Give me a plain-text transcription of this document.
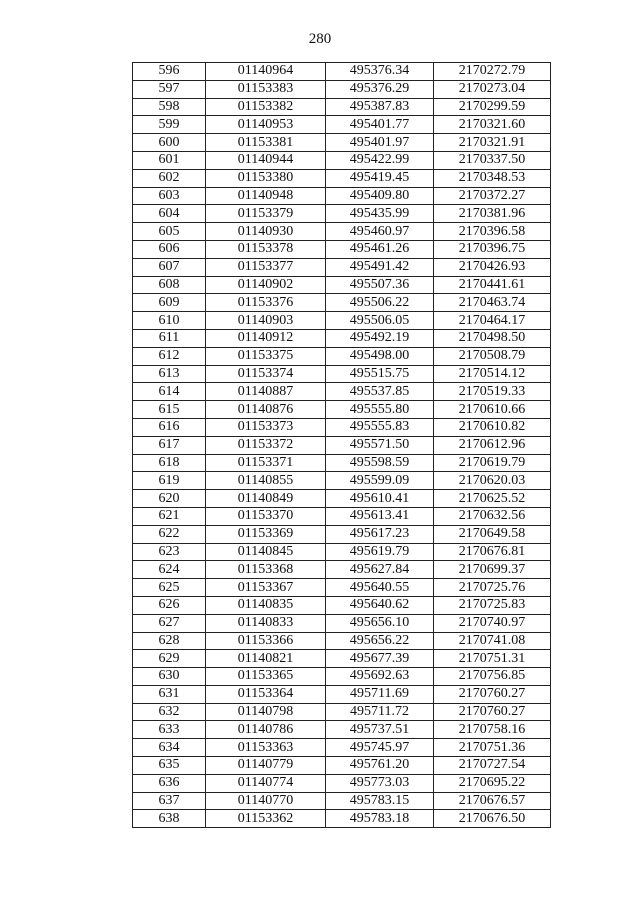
280
596	01140964	495376.34	2170272.79
597	01153383	495376.29	2170273.04
598	01153382	495387.83	2170299.59
599	01140953	495401.77	2170321.60
600	01153381	495401.97	2170321.91
601	01140944	495422.99	2170337.50
602	01153380	495419.45	2170348.53
603	01140948	495409.80	2170372.27
604	01153379	495435.99	2170381.96
605	01140930	495460.97	2170396.58
606	01153378	495461.26	2170396.75
607	01153377	495491.42	2170426.93
608	01140902	495507.36	2170441.61
609	01153376	495506.22	2170463.74
610	01140903	495506.05	2170464.17
611	01140912	495492.19	2170498.50
612	01153375	495498.00	2170508.79
613	01153374	495515.75	2170514.12
614	01140887	495537.85	2170519.33
615	01140876	495555.80	2170610.66
616	01153373	495555.83	2170610.82
617	01153372	495571.50	2170612.96
618	01153371	495598.59	2170619.79
619	01140855	495599.09	2170620.03
620	01140849	495610.41	2170625.52
621	01153370	495613.41	2170632.56
622	01153369	495617.23	2170649.58
623	01140845	495619.79	2170676.81
624	01153368	495627.84	2170699.37
625	01153367	495640.55	2170725.76
626	01140835	495640.62	2170725.83
627	01140833	495656.10	2170740.97
628	01153366	495656.22	2170741.08
629	01140821	495677.39	2170751.31
630	01153365	495692.63	2170756.85
631	01153364	495711.69	2170760.27
632	01140798	495711.72	2170760.27
633	01140786	495737.51	2170758.16
634	01153363	495745.97	2170751.36
635	01140779	495761.20	2170727.54
636	01140774	495773.03	2170695.22
637	01140770	495783.15	2170676.57
638	01153362	495783.18	2170676.50
